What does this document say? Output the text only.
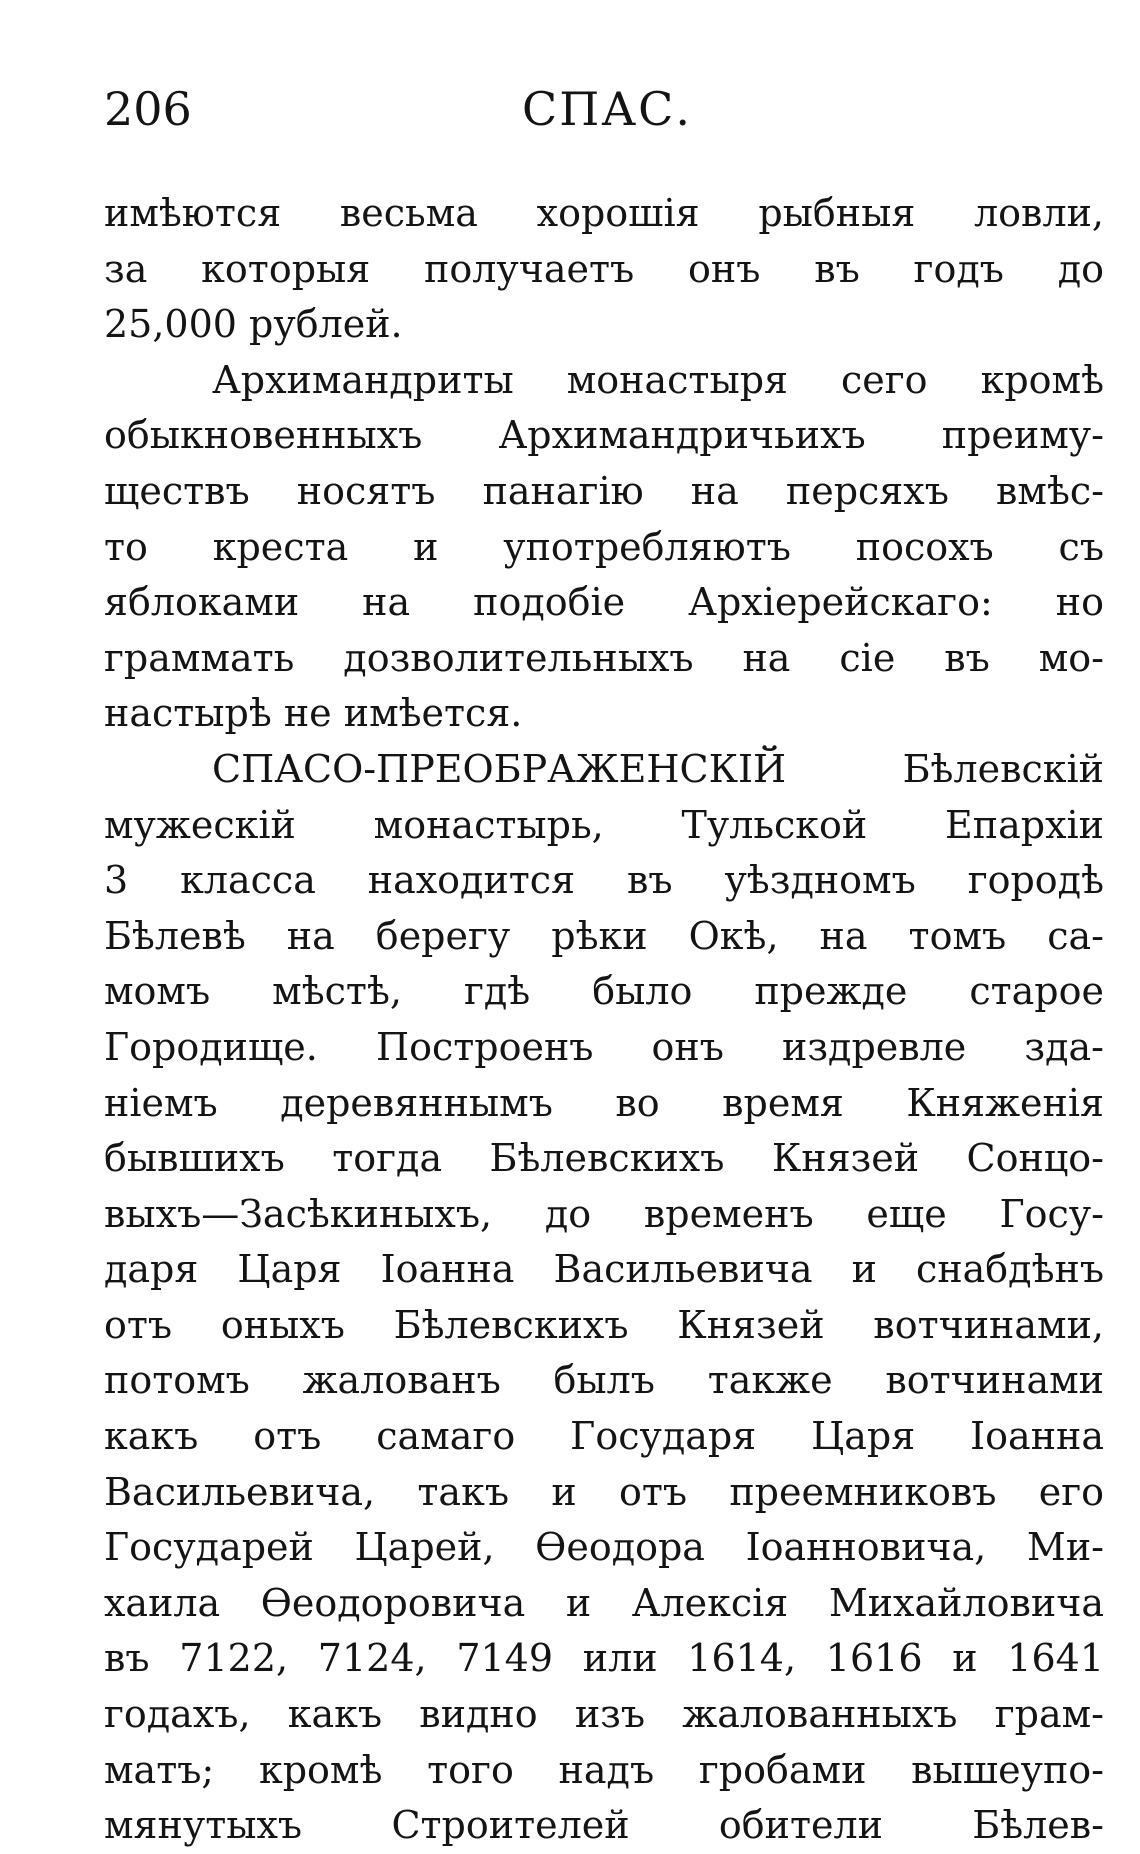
206	СПАС.
имѣются весьма хорошія рыбныя ловли,
за которыя получаетъ онъ въ годъ до
25,000 рублей.
Архимандриты монастыря сего кромѣ
обыкновенныхъ Архимандричьихъ преиму-
ществъ носятъ панагію на персяхъ вмѣс-
то креста и употребляютъ посохъ съ
яблоками на подобіе Архіерейскаго: но
граммать дозволительныхъ на сіе въ мо-
настырѣ не имѣется.
СПАСО-ПРЕОБРАЖЕНСКІЙ Бѣлевскій
мужескій монастырь, Тульской Епархіи
3 класса находится въ уѣздномъ городѣ
Бѣлевѣ на берегу рѣки Окѣ, на томъ са-
момъ мѣстѣ, гдѣ было прежде старое
Городище. Построенъ онъ издревле зда-
ніемъ деревяннымъ во время Княженія
бывшихъ тогда Бѣлевскихъ Князей Сонцо-
выхъ—Засѣкиныхъ, до временъ еще Госу-
даря Царя Іоанна Васильевича и снабдѣнъ
отъ оныхъ Бѣлевскихъ Князей вотчинами,
потомъ жалованъ былъ также вотчинами
какъ отъ самаго Государя Царя Іоанна
Васильевича, такъ и отъ преемниковъ его
Государей Царей, Ѳеодора Іоанновича, Ми-
хаила Ѳеодоровича и Алексія Михайловича
въ 7122, 7124, 7149 или 1614, 1616 и 1641
годахъ, какъ видно изъ жалованныхъ грам-
матъ; кромѣ того надъ гробами вышеупо-
мянутыхъ Строителей обители Бѣлев-
